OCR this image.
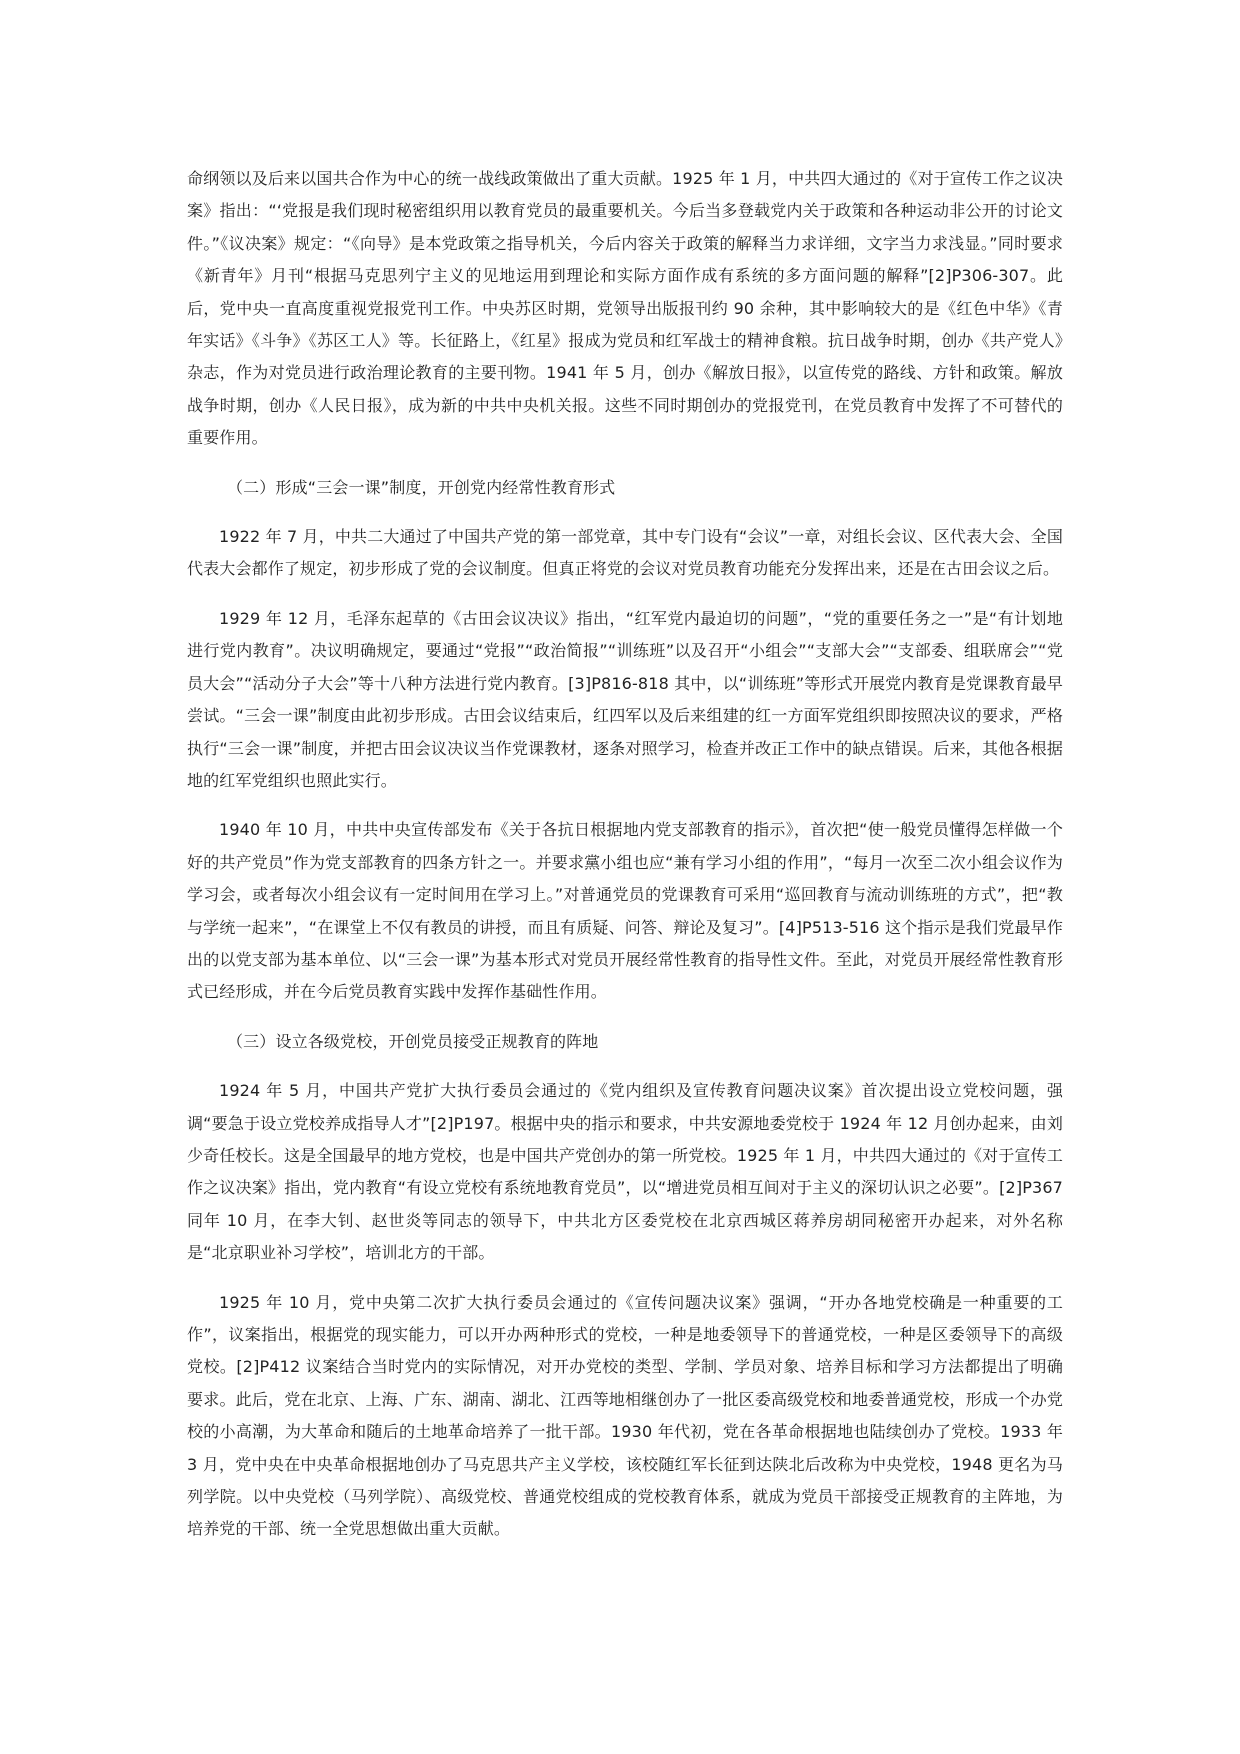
命纲领以及后来以国共合作为中心的统一战线政策做出了重大贡献。1925 年 1 月，中共四大通过的《对于宣传工作之议决案》指出：“‘党报是我们现时秘密组织用以教育党员的最重要机关。今后当多登载党内关于政策和各种运动非公开的讨论文件。”《议决案》规定：“《向导》是本党政策之指导机关，今后内容关于政策的解释当力求详细，文字当力求浅显。”同时要求《新青年》月刊“根据马克思列宁主义的见地运用到理论和实际方面作成有系统的多方面问题的解释”[2]P306-307。此后，党中央一直高度重视党报党刊工作。中央苏区时期，党领导出版报刊约 90 余种，其中影响较大的是《红色中华》《青年实话》《斗争》《苏区工人》等。长征路上，《红星》报成为党员和红军战士的精神食粮。抗日战争时期，创办《共产党人》杂志，作为对党员进行政治理论教育的主要刊物。1941 年 5 月，创办《解放日报》，以宣传党的路线、方针和政策。解放战争时期，创办《人民日报》，成为新的中共中央机关报。这些不同时期创办的党报党刊，在党员教育中发挥了不可替代的重要作用。

（二）形成“三会一课”制度，开创党内经常性教育形式

1922 年 7 月，中共二大通过了中国共产党的第一部党章，其中专门设有“会议”一章，对组长会议、区代表大会、全国代表大会都作了规定，初步形成了党的会议制度。但真正将党的会议对党员教育功能充分发挥出来，还是在古田会议之后。

1929 年 12 月，毛泽东起草的《古田会议决议》指出，“红军党内最迫切的问题”，“党的重要任务之一”是“有计划地进行党内教育”。决议明确规定，要通过“党报”“政治简报”“训练班”以及召开“小组会”“支部大会”“支部委、组联席会”“党员大会”“活动分子大会”等十八种方法进行党内教育。[3]P816-818 其中，以“训练班”等形式开展党内教育是党课教育最早尝试。“三会一课”制度由此初步形成。古田会议结束后，红四军以及后来组建的红一方面军党组织即按照决议的要求，严格执行“三会一课”制度，并把古田会议决议当作党课教材，逐条对照学习，检查并改正工作中的缺点错误。后来，其他各根据地的红军党组织也照此实行。

1940 年 10 月，中共中央宣传部发布《关于各抗日根据地内党支部教育的指示》，首次把“使一般党员懂得怎样做一个好的共产党员”作为党支部教育的四条方针之一。并要求黨小组也应“兼有学习小组的作用”，“每月一次至二次小组会议作为学习会，或者每次小组会议有一定时间用在学习上。”对普通党员的党课教育可采用“巡回教育与流动训练班的方式”，把“教与学统一起来”，“在课堂上不仅有教员的讲授，而且有质疑、问答、辩论及复习”。[4]P513-516 这个指示是我们党最早作出的以党支部为基本单位、以“三会一课”为基本形式对党员开展经常性教育的指导性文件。至此，对党员开展经常性教育形式已经形成，并在今后党员教育实践中发挥作基础性作用。

（三）设立各级党校，开创党员接受正规教育的阵地

1924 年 5 月，中国共产党扩大执行委员会通过的《党内组织及宣传教育问题决议案》首次提出设立党校问题，强调“要急于设立党校养成指导人才”[2]P197。根据中央的指示和要求，中共安源地委党校于 1924 年 12 月创办起来，由刘少奇任校长。这是全国最早的地方党校，也是中国共产党创办的第一所党校。1925 年 1 月，中共四大通过的《对于宣传工作之议决案》指出，党内教育“有设立党校有系统地教育党员”，以“增进党员相互间对于主义的深切认识之必要”。[2]P367 同年 10 月，在李大钊、赵世炎等同志的领导下，中共北方区委党校在北京西城区蒋养房胡同秘密开办起来，对外名称是“北京职业补习学校”，培训北方的干部。

1925 年 10 月，党中央第二次扩大执行委员会通过的《宣传问题决议案》强调，“开办各地党校确是一种重要的工作”，议案指出，根据党的现实能力，可以开办两种形式的党校，一种是地委领导下的普通党校，一种是区委领导下的高级党校。[2]P412 议案结合当时党内的实际情况，对开办党校的类型、学制、学员对象、培养目标和学习方法都提出了明确要求。此后，党在北京、上海、广东、湖南、湖北、江西等地相继创办了一批区委高级党校和地委普通党校，形成一个办党校的小高潮，为大革命和随后的土地革命培养了一批干部。1930 年代初，党在各革命根据地也陆续创办了党校。1933 年 3 月，党中央在中央革命根据地创办了马克思共产主义学校，该校随红军长征到达陕北后改称为中央党校，1948 更名为马列学院。以中央党校（马列学院）、高级党校、普通党校组成的党校教育体系，就成为党员干部接受正规教育的主阵地，为培养党的干部、统一全党思想做出重大贡献。
